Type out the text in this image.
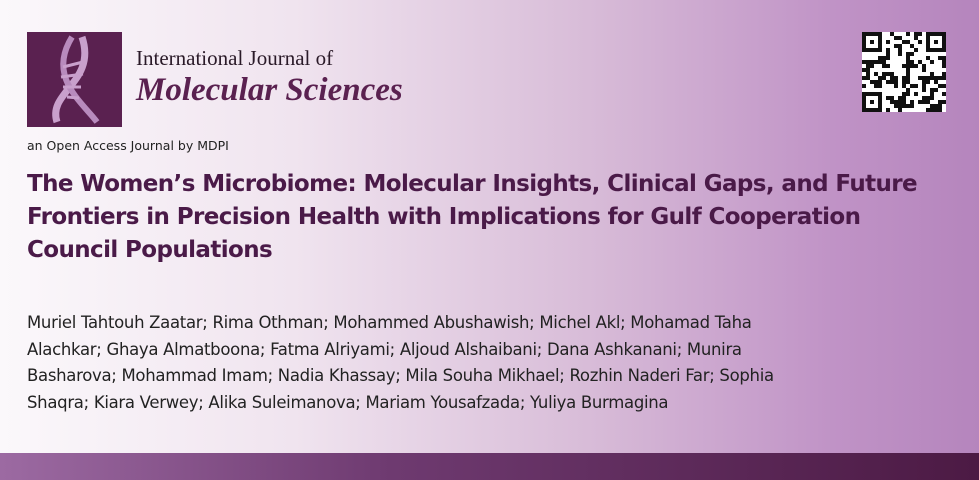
International Journal of
Molecular Sciences
an Open Access Journal by MDPI
The Women’s Microbiome: Molecular Insights, Clinical Gaps, and Future Frontiers in Precision Health with Implications for Gulf Cooperation Council Populations
Muriel Tahtouh Zaatar; Rima Othman; Mohammed Abushawish; Michel Akl; Mohamad Taha
Alachkar; Ghaya Almatboona; Fatma Alriyami; Aljoud Alshaibani; Dana Ashkanani; Munira
Basharova; Mohammad Imam; Nadia Khassay; Mila Souha Mikhael; Rozhin Naderi Far; Sophia
Shaqra; Kiara Verwey; Alika Suleimanova; Mariam Yousafzada; Yuliya Burmagina
